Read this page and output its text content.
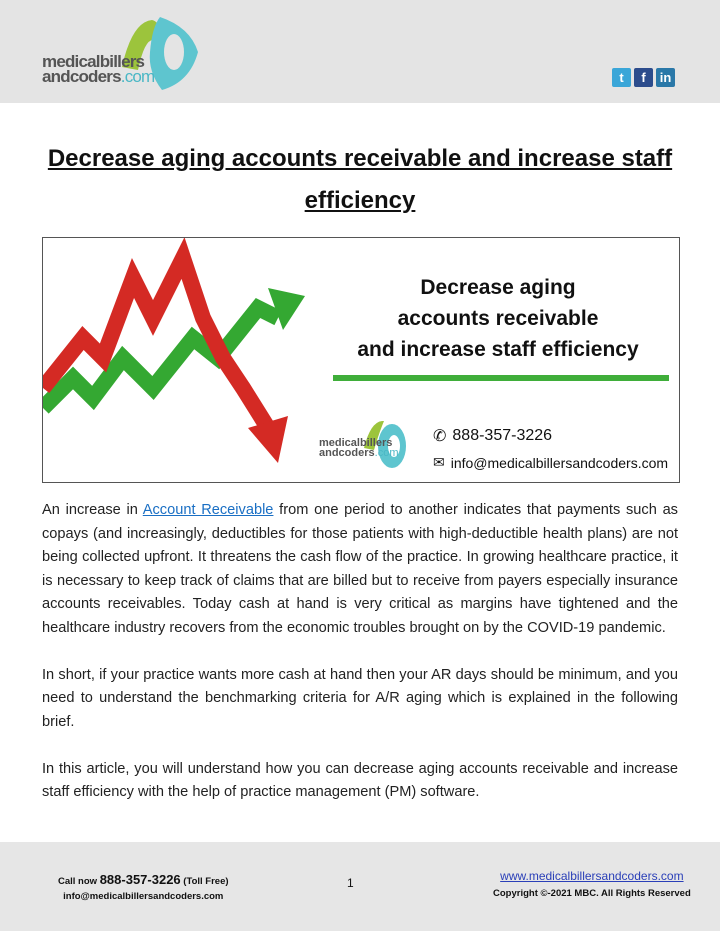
medicalbillers
andcoders.com	t	f	in
Decrease aging accounts receivable and increase staff efficiency
Decrease aging
accounts receivable
and increase staff efficiency
medicalbillers
andcoders.com
✆ 888-357-3226
✉ info@medicalbillersandcoders.com

An increase in Account Receivable from one period to another indicates that payments such as copays (and increasingly, deductibles for those patients with high-deductible health plans) are not being collected upfront. It threatens the cash flow of the practice. In growing healthcare practice, it is necessary to keep track of claims that are billed but to receive from payers especially insurance accounts receivables. Today cash at hand is very critical as margins have tightened and the healthcare industry recovers from the economic troubles brought on by the COVID-19 pandemic.

In short, if your practice wants more cash at hand then your AR days should be minimum, and you need to understand the benchmarking criteria for A/R aging which is explained in the following brief.

In this article, you will understand how you can decrease aging accounts receivable and increase staff efficiency with the help of practice management (PM) software.

Call now 888-357-3226 (Toll Free)
info@medicalbillersandcoders.com
1	www.medicalbillersandcoders.com
Copyright ©-2021 MBC. All Rights Reserved
